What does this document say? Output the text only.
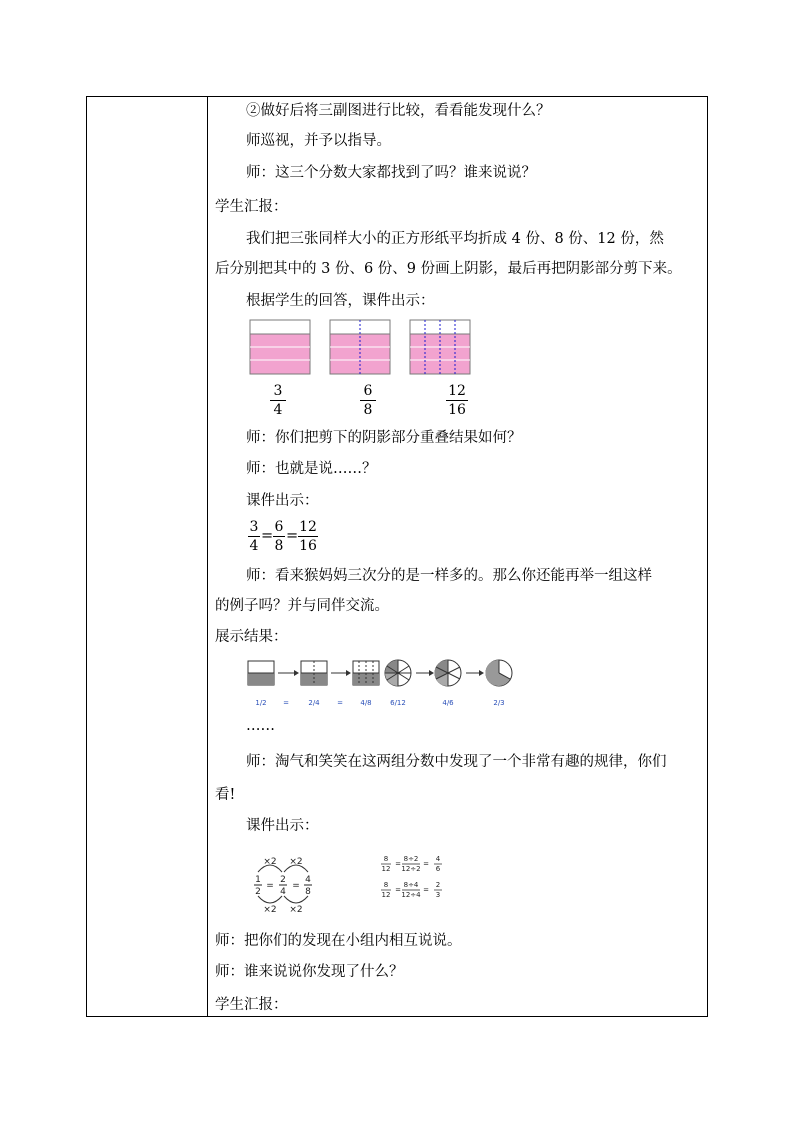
②做好后将三副图进行比较，看看能发现什么？
师巡视，并予以指导。
师：这三个分数大家都找到了吗？谁来说说？
学生汇报：
我们把三张同样大小的正方形纸平均折成 4 份、8 份、12 份，然
后分别把其中的 3 份、6 份、9 份画上阴影，最后再把阴影部分剪下来。
根据学生的回答，课件出示：
3
4
6
8
12
16
师：你们把剪下的阴影部分重叠结果如何？
师：也就是说……？
课件出示：
3
4
=
6
8
=
12
16
师：看来猴妈妈三次分的是一样多的。那么你还能再举一组这样
的例子吗？并与同伴交流。
展示结果：
1/2 =	2/4 = 4/8	6/12	4/6	2/3
……
师：淘气和笑笑在这两组分数中发现了一个非常有趣的规律，你们
看!
课件出示：
×2 ×2
×2 ×2
1
2
=
2
4
=
4
8
8
12
=
8÷2
12÷2
=
4
6
8
12
=
8÷4
12÷4
=
2
3
师：把你们的发现在小组内相互说说。
师：谁来说说你发现了什么？
学生汇报：
